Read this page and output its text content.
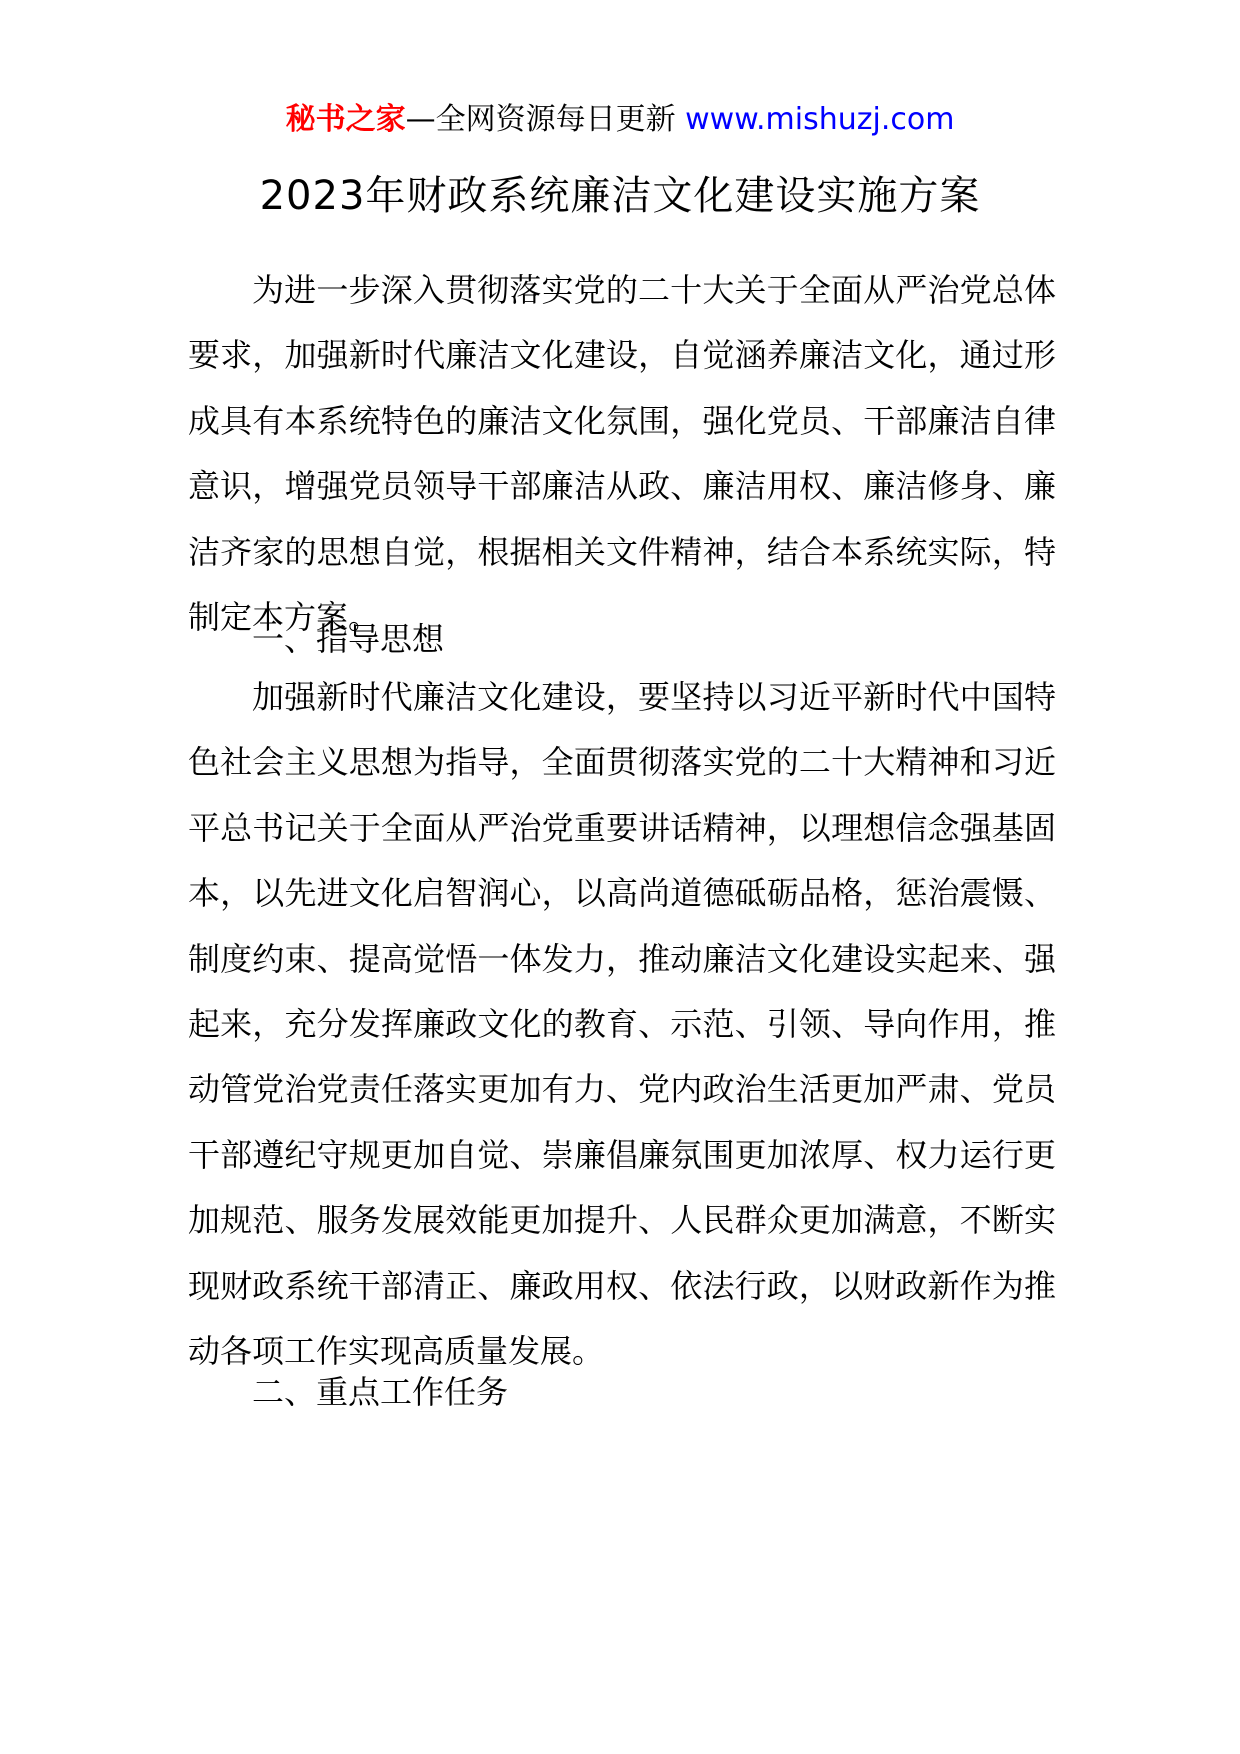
秘书之家—全网资源每日更新 www.mishuzj.com
2023年财政系统廉洁文化建设实施方案

为进一步深入贯彻落实党的二十大关于全面从严治党总体要求，加强新时代廉洁文化建设，自觉涵养廉洁文化，通过形成具有本系统特色的廉洁文化氛围，强化党员、干部廉洁自律意识，增强党员领导干部廉洁从政、廉洁用权、廉洁修身、廉洁齐家的思想自觉，根据相关文件精神，结合本系统实际，特制定本方案。

一、指导思想

加强新时代廉洁文化建设，要坚持以习近平新时代中国特色社会主义思想为指导，全面贯彻落实党的二十大精神和习近平总书记关于全面从严治党重要讲话精神，以理想信念强基固本，以先进文化启智润心，以高尚道德砥砺品格，惩治震慑、制度约束、提高觉悟一体发力，推动廉洁文化建设实起来、强起来，充分发挥廉政文化的教育、示范、引领、导向作用，推动管党治党责任落实更加有力、党内政治生活更加严肃、党员干部遵纪守规更加自觉、崇廉倡廉氛围更加浓厚、权力运行更加规范、服务发展效能更加提升、人民群众更加满意，不断实现财政系统干部清正、廉政用权、依法行政，以财政新作为推动各项工作实现高质量发展。

二、重点工作任务
